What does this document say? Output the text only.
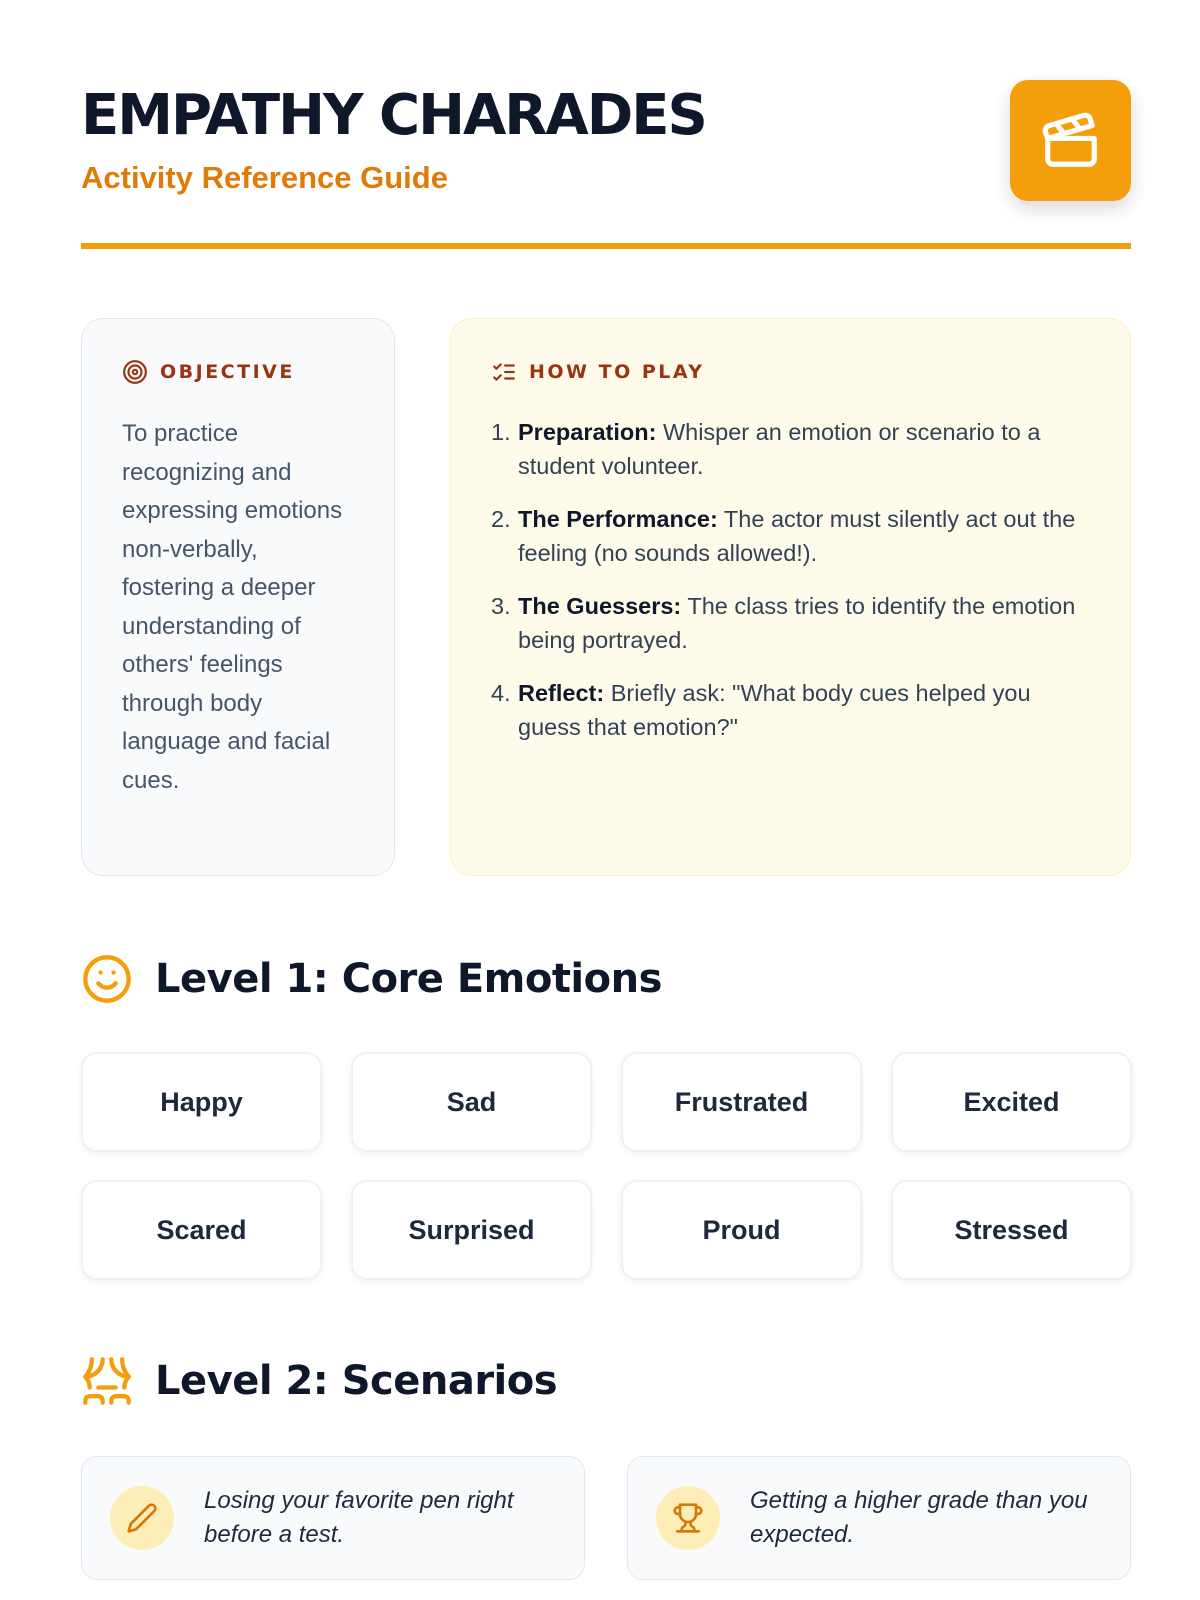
EMPATHY CHARADES
Activity Reference Guide
OBJECTIVE

To practice recognizing and expressing emotions non-verbally, fostering a deeper understanding of others' feelings through body language and facial cues.

HOW TO PLAY
1. Preparation: Whisper an emotion or scenario to a student volunteer.
2. The Performance: The actor must silently act out the feeling (no sounds allowed!).
3. The Guessers: The class tries to identify the emotion being portrayed.
4. Reflect: Briefly ask: "What body cues helped you guess that emotion?"
Level 1: Core Emotions
Happy	Sad	Frustrated	Excited
Scared	Surprised	Proud	Stressed
Level 2: Scenarios
Losing your favorite pen right before a test.
Getting a higher grade than you expected.
